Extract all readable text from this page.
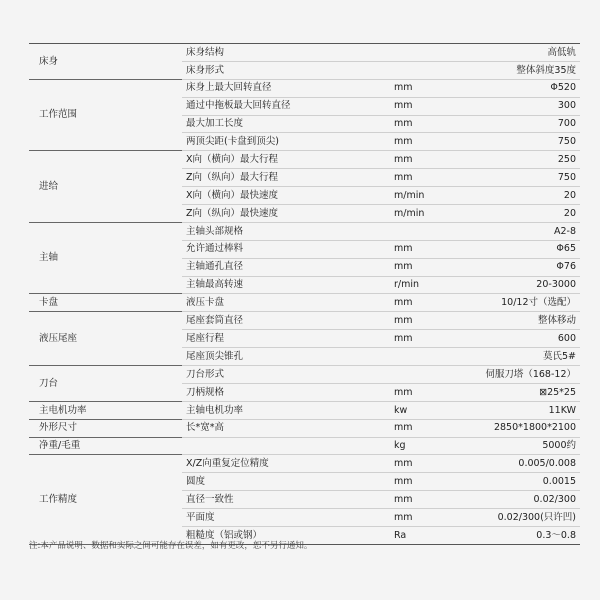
床身	床身结构		高低轨
	床身形式		整体斜度35度
工作范围	床身上最大回转直径	mm	Φ520
	通过中拖板最大回转直径	mm	300
	最大加工长度	mm	700
	两顶尖距(卡盘到顶尖)	mm	750
进给	X向（横向）最大行程	mm	250
	Z向（纵向）最大行程	mm	750
	X向（横向）最快速度	m/min	20
	Z向（纵向）最快速度	m/min	20
主轴	主轴头部规格		A2-8
	允许通过棒料	mm	Φ65
	主轴通孔直径	mm	Φ76
	主轴最高转速	r/min	20-3000
卡盘	液压卡盘	mm	10/12寸（选配）
液压尾座	尾座套筒直径	mm	整体移动
	尾座行程	mm	600
	尾座顶尖锥孔		莫氏5#
刀台	刀台形式		伺服刀塔（168-12）
	刀柄规格	mm	⊠25*25
主电机功率	主轴电机功率	kw	11KW
外形尺寸	长*宽*高	mm	2850*1800*2100
净重/毛重		kg	5000约
工作精度	X/Z向重复定位精度	mm	0.005/0.008
	圆度	mm	0.0015
	直径一致性	mm	0.02/300
	平面度	mm	0.02/300(只许凹)
	粗糙度（铝或钢）	Ra	0.3～0.8
注:本产品说明、数据和实际之间可能存在误差，如有更改，恕不另行通知。
